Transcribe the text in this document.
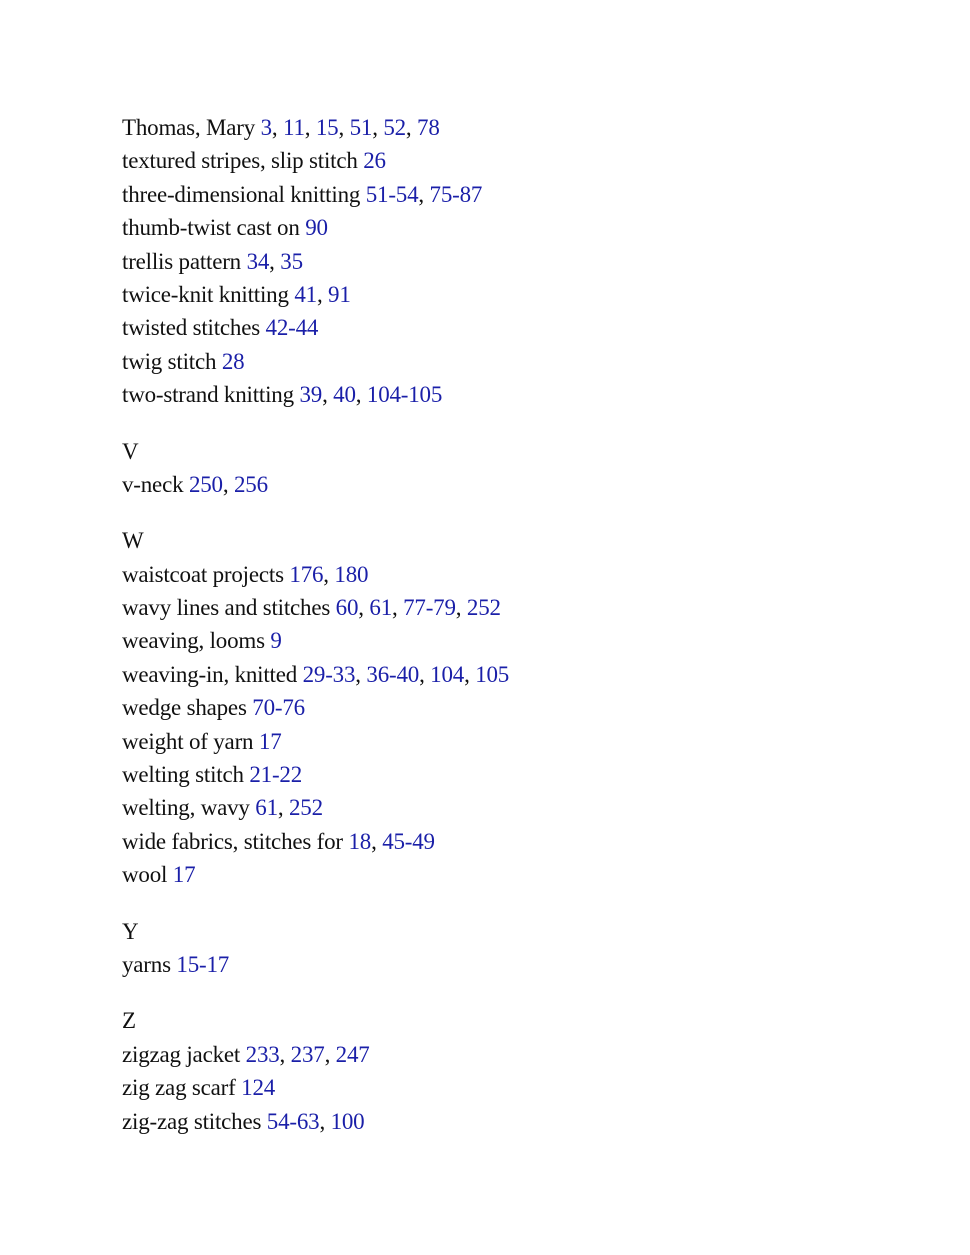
Thomas, Mary 3, 11, 15, 51, 52, 78
textured stripes, slip stitch 26
three-dimensional knitting 51-54, 75-87
thumb-twist cast on 90
trellis pattern 34, 35
twice-knit knitting 41, 91
twisted stitches 42-44
twig stitch 28
two-strand knitting 39, 40, 104-105
V
v-neck 250, 256
W
waistcoat projects 176, 180
wavy lines and stitches 60, 61, 77-79, 252
weaving, looms 9
weaving-in, knitted 29-33, 36-40, 104, 105
wedge shapes 70-76
weight of yarn 17
welting stitch 21-22
welting, wavy 61, 252
wide fabrics, stitches for 18, 45-49
wool 17
Y
yarns 15-17
Z
zigzag jacket 233, 237, 247
zig zag scarf 124
zig-zag stitches 54-63, 100
